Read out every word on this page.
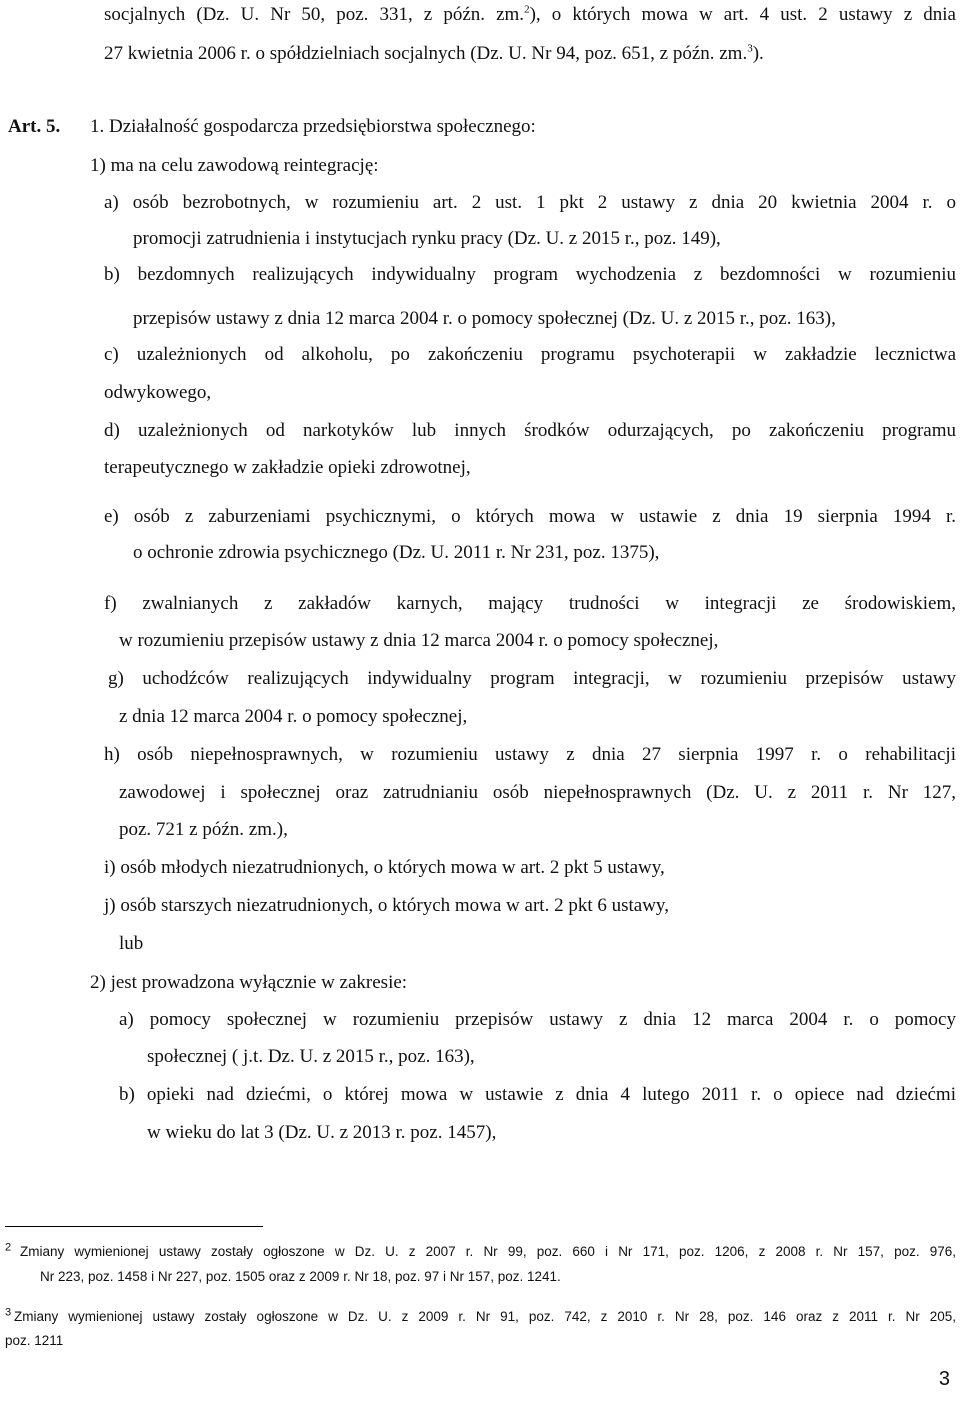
socjalnych (Dz. U. Nr 50, poz. 331, z późn. zm.$^2$), o których mowa w art. 4 ust. 2 ustawy z dnia
27 kwietnia 2006 r. o spółdzielniach socjalnych (Dz. U. Nr 94, poz. 651, z późn. zm.$^3$).
Art. 5. 1. Działalność gospodarcza przedsiębiorstwa społecznego:
1) ma na celu zawodową reintegrację:
a) osób bezrobotnych, w rozumieniu art. 2 ust. 1 pkt 2 ustawy z dnia 20 kwietnia 2004 r. o
promocji zatrudnienia i instytucjach rynku pracy (Dz. U. z 2015 r., poz. 149),
b) bezdomnych realizujących indywidualny program wychodzenia z bezdomności w rozumieniu
przepisów ustawy z dnia 12 marca 2004 r. o pomocy społecznej (Dz. U. z 2015 r., poz. 163),
c) uzależnionych od alkoholu, po zakończeniu programu psychoterapii w zakładzie lecznictwa
odwykowego,
d) uzależnionych od narkotyków lub innych środków odurzających, po zakończeniu programu
terapeutycznego w zakładzie opieki zdrowotnej,
e) osób z zaburzeniami psychicznymi, o których mowa w ustawie z dnia 19 sierpnia 1994 r.
o ochronie zdrowia psychicznego (Dz. U. 2011 r. Nr 231, poz. 1375),
f) zwalnianych z zakładów karnych, mający trudności w integracji ze środowiskiem,
w rozumieniu przepisów ustawy z dnia 12 marca 2004 r. o pomocy społecznej,
g) uchodźców realizujących indywidualny program integracji, w rozumieniu przepisów ustawy
z dnia 12 marca 2004 r. o pomocy społecznej,
h) osób niepełnosprawnych, w rozumieniu ustawy z dnia 27 sierpnia 1997 r. o rehabilitacji
zawodowej i społecznej oraz zatrudnianiu osób niepełnosprawnych (Dz. U. z 2011 r. Nr 127,
poz. 721 z późn. zm.),
i) osób młodych niezatrudnionych, o których mowa w art. 2 pkt 5 ustawy,
j) osób starszych niezatrudnionych, o których mowa w art. 2 pkt 6 ustawy,
lub
2) jest prowadzona wyłącznie w zakresie:
a) pomocy społecznej w rozumieniu przepisów ustawy z dnia 12 marca 2004 r. o pomocy
społecznej ( j.t. Dz. U. z 2015 r., poz. 163),
b) opieki nad dziećmi, o której mowa w ustawie z dnia 4 lutego 2011 r. o opiece nad dziećmi
w wieku do lat 3 (Dz. U. z 2013 r. poz. 1457),
$^2$ Zmiany wymienionej ustawy zostały ogłoszone w Dz. U. z 2007 r. Nr 99, poz. 660 i Nr 171, poz. 1206, z 2008 r. Nr 157, poz. 976,
Nr 223, poz. 1458 i Nr 227, poz. 1505 oraz z 2009 r. Nr 18, poz. 97 i Nr 157, poz. 1241.
$^3$ Zmiany wymienionej ustawy zostały ogłoszone w Dz. U. z 2009 r. Nr 91, poz. 742, z 2010 r. Nr 28, poz. 146 oraz z 2011 r. Nr 205,
poz. 1211
3
